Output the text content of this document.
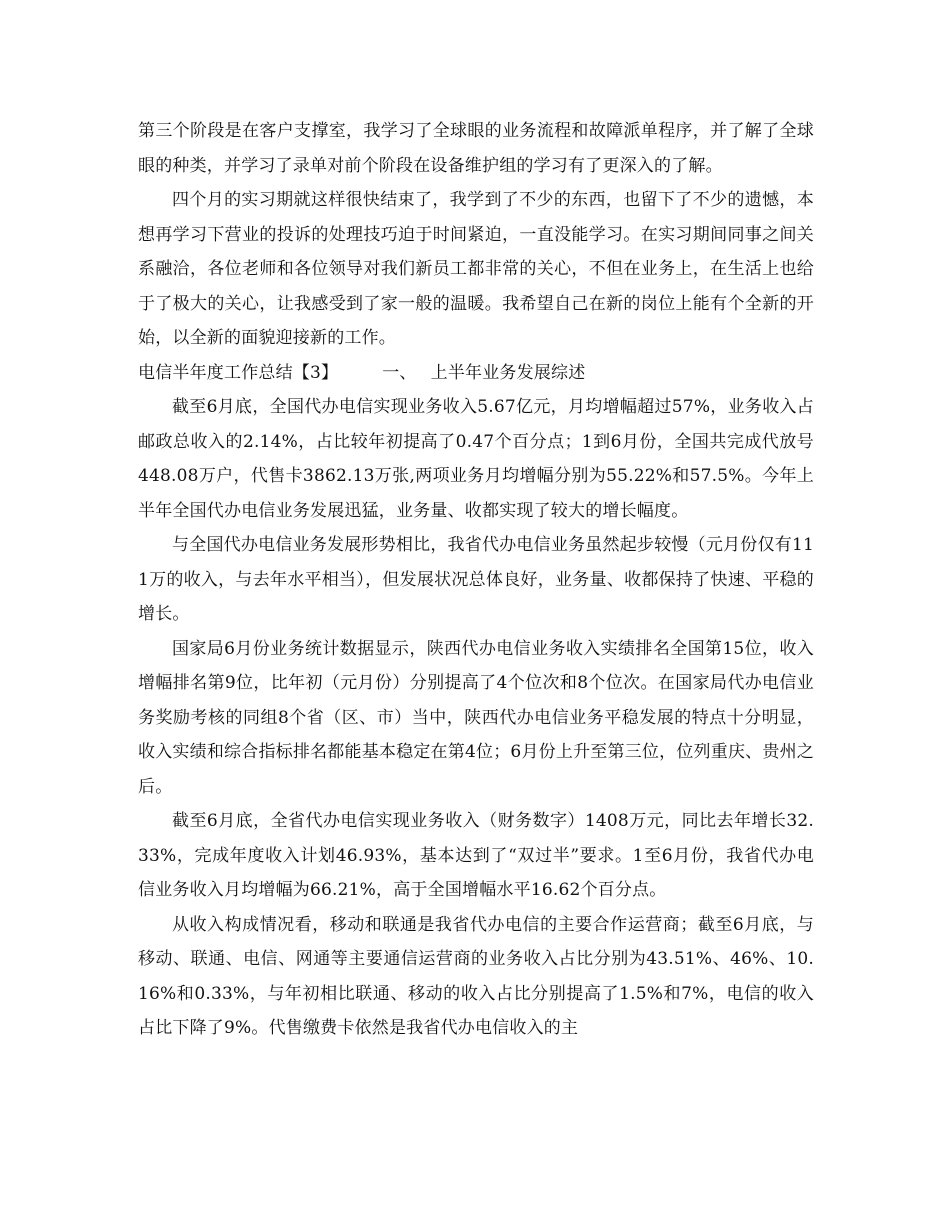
第三个阶段是在客户支撑室，我学习了全球眼的业务流程和故障派单程序，并了解了全球眼的种类，并学习了录单对前个阶段在设备维护组的学习有了更深入的了解。

四个月的实习期就这样很快结束了，我学到了不少的东西，也留下了不少的遗憾，本想再学习下营业的投诉的处理技巧迫于时间紧迫，一直没能学习。在实习期间同事之间关系融洽，各位老师和各位领导对我们新员工都非常的关心，不但在业务上，在生活上也给于了极大的关心，让我感受到了家一般的温暖。我希望自己在新的岗位上能有个全新的开始，以全新的面貌迎接新的工作。

电信半年度工作总结【3】	一、 上半年业务发展综述

截至6月底，全国代办电信实现业务收入5.67亿元，月均增幅超过57%，业务收入占邮政总收入的2.14%，占比较年初提高了0.47个百分点；1到6月份，全国共完成代放号448.08万户，代售卡3862.13万张,两项业务月均增幅分别为55.22%和57.5%。今年上半年全国代办电信业务发展迅猛，业务量、收都实现了较大的增长幅度。

与全国代办电信业务发展形势相比，我省代办电信业务虽然起步较慢（元月份仅有111万的收入，与去年水平相当），但发展状况总体良好，业务量、收都保持了快速、平稳的增长。

国家局6月份业务统计数据显示，陕西代办电信业务收入实绩排名全国第15位，收入增幅排名第9位，比年初（元月份）分别提高了4个位次和8个位次。在国家局代办电信业务奖励考核的同组8个省（区、市）当中，陕西代办电信业务平稳发展的特点十分明显，收入实绩和综合指标排名都能基本稳定在第4位；6月份上升至第三位，位列重庆、贵州之后。

截至6月底，全省代办电信实现业务收入（财务数字）1408万元，同比去年增长32.33%，完成年度收入计划46.93%，基本达到了“双过半”要求。1至6月份，我省代办电信业务收入月均增幅为66.21%，高于全国增幅水平16.62个百分点。

从收入构成情况看，移动和联通是我省代办电信的主要合作运营商；截至6月底，与移动、联通、电信、网通等主要通信运营商的业务收入占比分别为43.51%、46%、10.16%和0.33%，与年初相比联通、移动的收入占比分别提高了1.5%和7%，电信的收入占比下降了9%。代售缴费卡依然是我省代办电信收入的主
